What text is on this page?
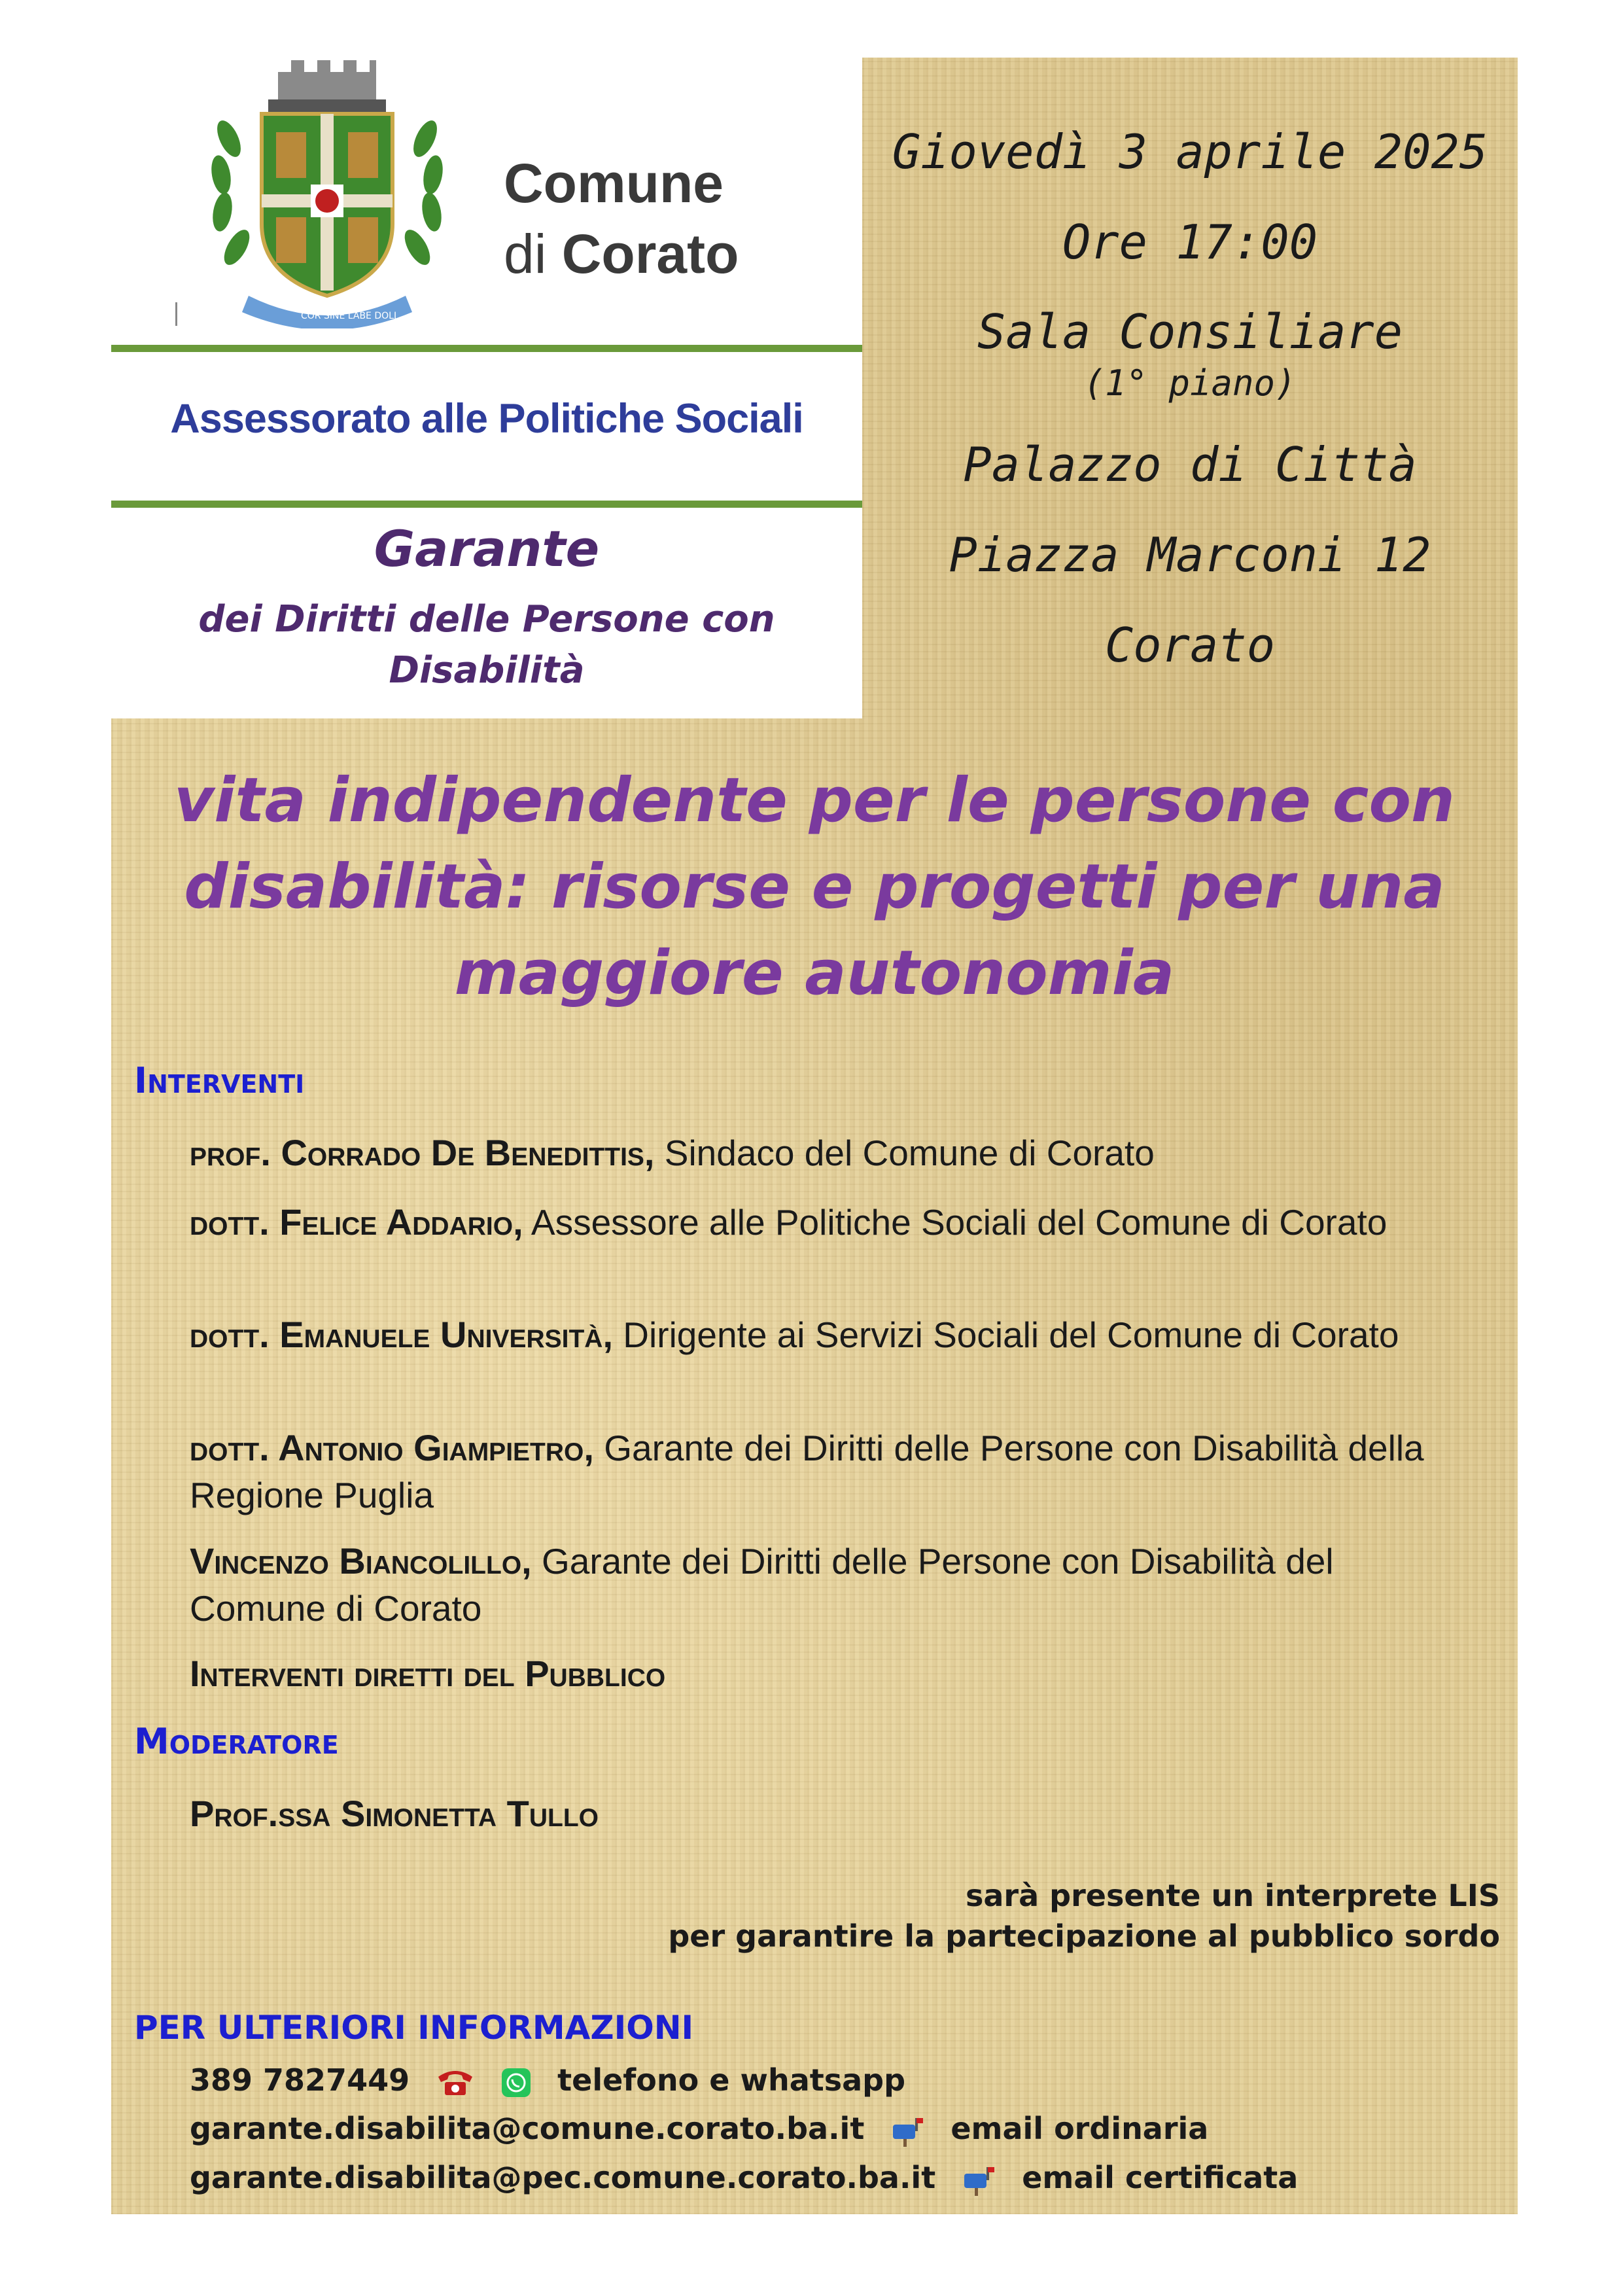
COR SINE LABE DOLI
Comune
di Corato
Assessorato alle Politiche Sociali
Garante
dei Diritti delle Persone con Disabilità
Giovedì 3 aprile 2025
Ore 17:00
Sala Consiliare
(1° piano)
Palazzo di Città
Piazza Marconi 12
Corato
vita indipendente per le persone con disabilità: risorse e progetti per una maggiore autonomia
Interventi
prof. Corrado De Benedittis, Sindaco del Comune di Corato
dott. Felice Addario, Assessore alle Politiche Sociali del Comune di Corato
dott. Emanuele Università, Dirigente ai Servizi Sociali del Comune di Corato
dott. Antonio Giampietro, Garante dei Diritti delle Persone con Disabilità della Regione Puglia
Vincenzo Biancolillo, Garante dei Diritti delle Persone con Disabilità del Comune di Corato
Interventi diretti del Pubblico
Moderatore
Prof.ssa Simonetta Tullo
sarà presente un interprete LIS
per garantire la partecipazione al pubblico sordo
PER ULTERIORI INFORMAZIONI
389 7827449	telefono e whatsapp
garante.disabilita@comune.corato.ba.it	email ordinaria
garante.disabilita@pec.comune.corato.ba.it	email certificata
